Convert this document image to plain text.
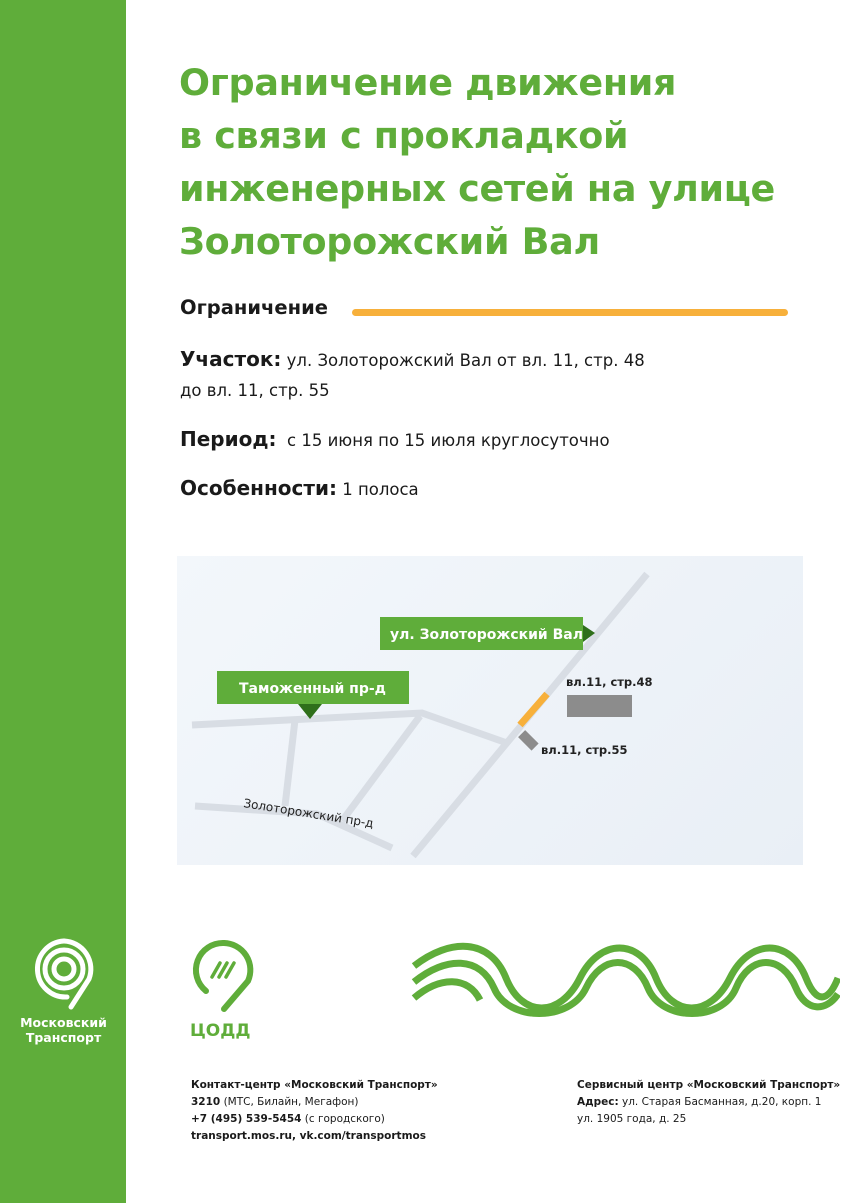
Московский
Транспорт
Ограничение движения
в связи с прокладкой
инженерных сетей на улице
Золоторожский Вал
Ограничение
Участок: ул. Золоторожский Вал от вл. 11, стр. 48
до вл. 11, стр. 55
Период:  с 15 июня по 15 июля круглосуточно
Особенности: 1 полоса
ул. Золоторожский Вал
Таможенный пр-д
Золоторожский пр-д
вл.11, стр.48
вл.11, стр.55
ЦОДД
Контакт-центр «Московский Транспорт»
3210 (МТС, Билайн, Мегафон)
+7 (495) 539-5454 (с городского)
transport.mos.ru, vk.com/transportmos
Сервисный центр «Московский Транспорт»
Адрес: ул. Старая Басманная, д.20, корп. 1
ул. 1905 года, д. 25
